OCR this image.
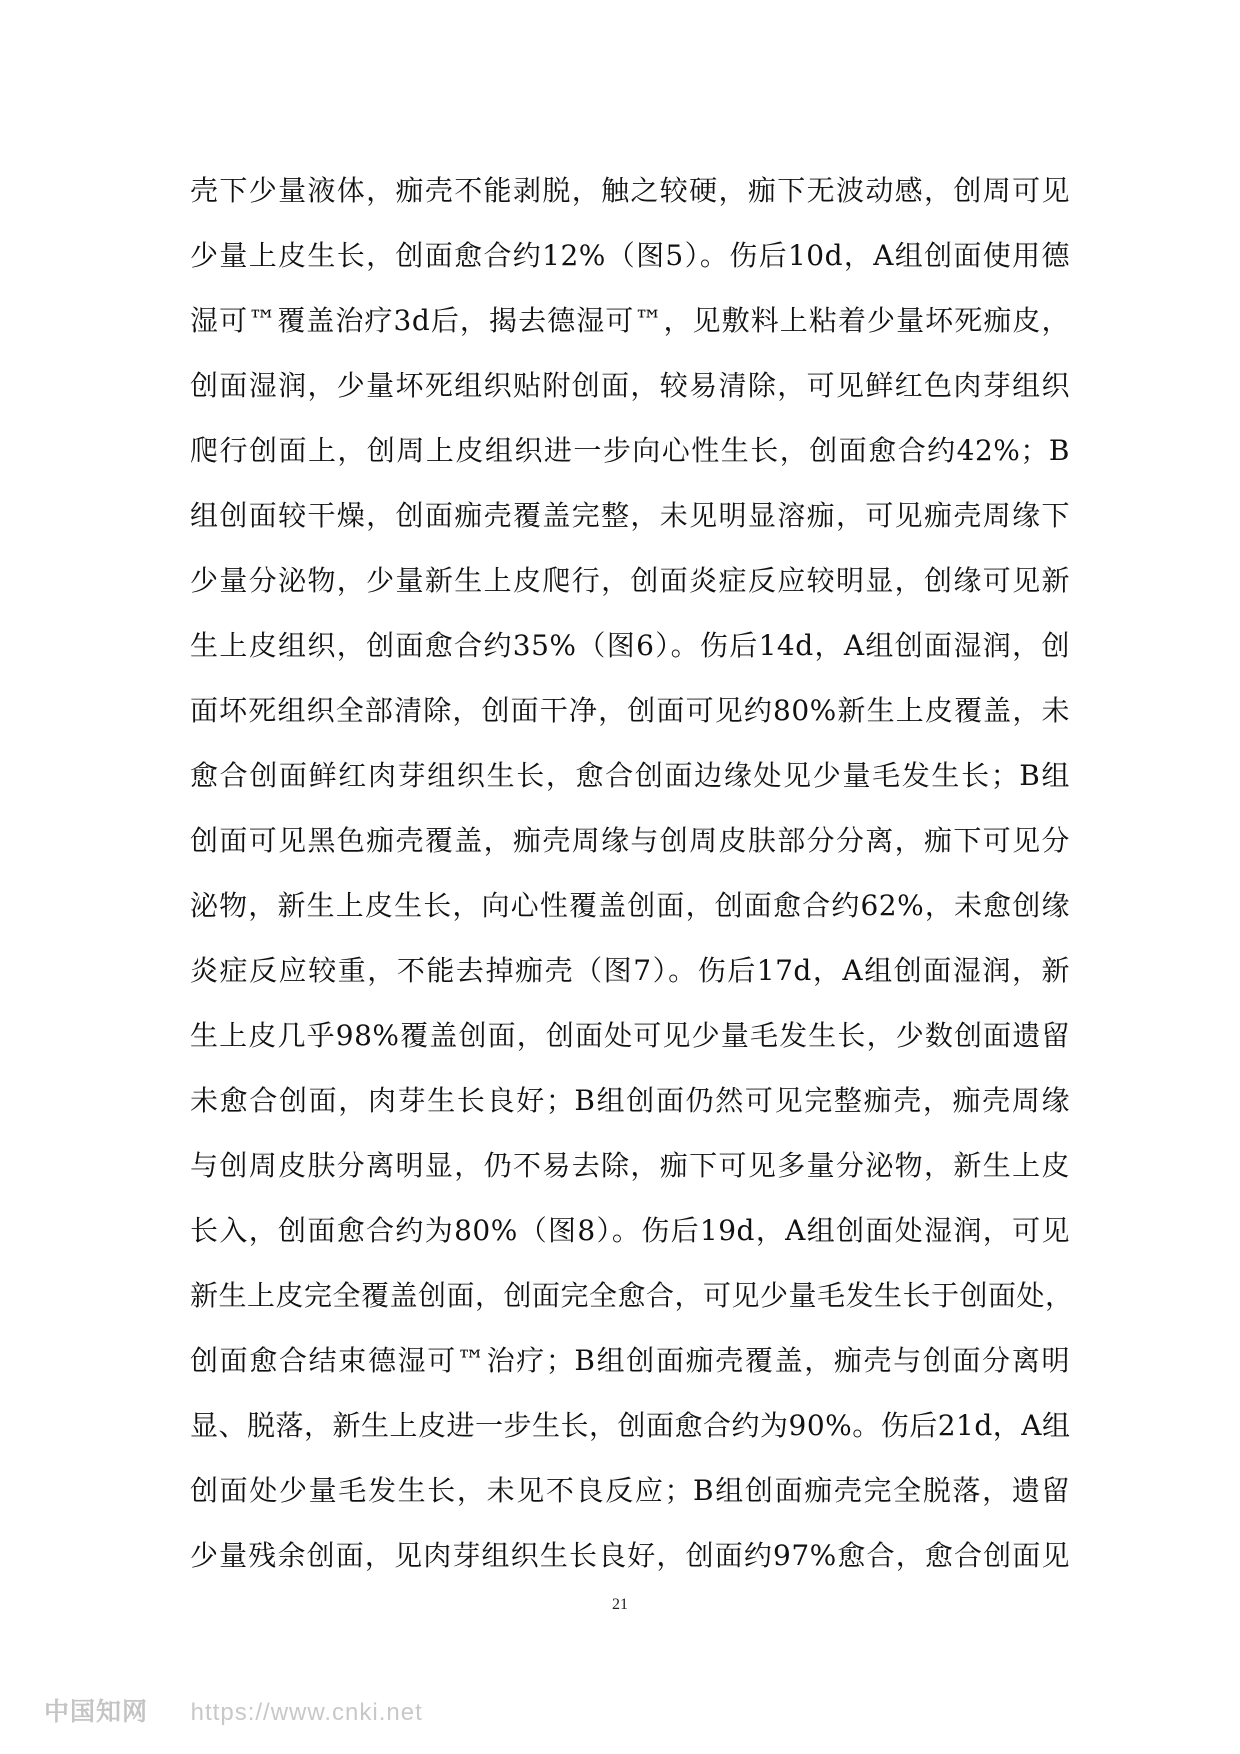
壳下少量液体，痂壳不能剥脱，触之较硬，痂下无波动感，创周可见
少量上皮生长，创面愈合约12%（图5）。伤后10d，A组创面使用德
湿可™覆盖治疗3d后，揭去德湿可™，见敷料上粘着少量坏死痂皮，
创面湿润，少量坏死组织贴附创面，较易清除，可见鲜红色肉芽组织
爬行创面上，创周上皮组织进一步向心性生长，创面愈合约42%；B
组创面较干燥，创面痂壳覆盖完整，未见明显溶痂，可见痂壳周缘下
少量分泌物，少量新生上皮爬行，创面炎症反应较明显，创缘可见新
生上皮组织，创面愈合约35%（图6）。伤后14d，A组创面湿润，创
面坏死组织全部清除，创面干净，创面可见约80%新生上皮覆盖，未
愈合创面鲜红肉芽组织生长，愈合创面边缘处见少量毛发生长；B组
创面可见黑色痂壳覆盖，痂壳周缘与创周皮肤部分分离，痂下可见分
泌物，新生上皮生长，向心性覆盖创面，创面愈合约62%，未愈创缘
炎症反应较重，不能去掉痂壳（图7）。伤后17d，A组创面湿润，新
生上皮几乎98%覆盖创面，创面处可见少量毛发生长，少数创面遗留
未愈合创面，肉芽生长良好；B组创面仍然可见完整痂壳，痂壳周缘
与创周皮肤分离明显，仍不易去除，痂下可见多量分泌物，新生上皮
长入，创面愈合约为80%（图8）。伤后19d，A组创面处湿润，可见
新生上皮完全覆盖创面，创面完全愈合，可见少量毛发生长于创面处，
创面愈合结束德湿可™治疗；B组创面痂壳覆盖，痂壳与创面分离明
显、脱落，新生上皮进一步生长，创面愈合约为90%。伤后21d，A组
创面处少量毛发生长，未见不良反应；B组创面痂壳完全脱落，遗留
少量残余创面，见肉芽组织生长良好，创面约97%愈合，愈合创面见
21
中国知网 https://www.cnki.net
